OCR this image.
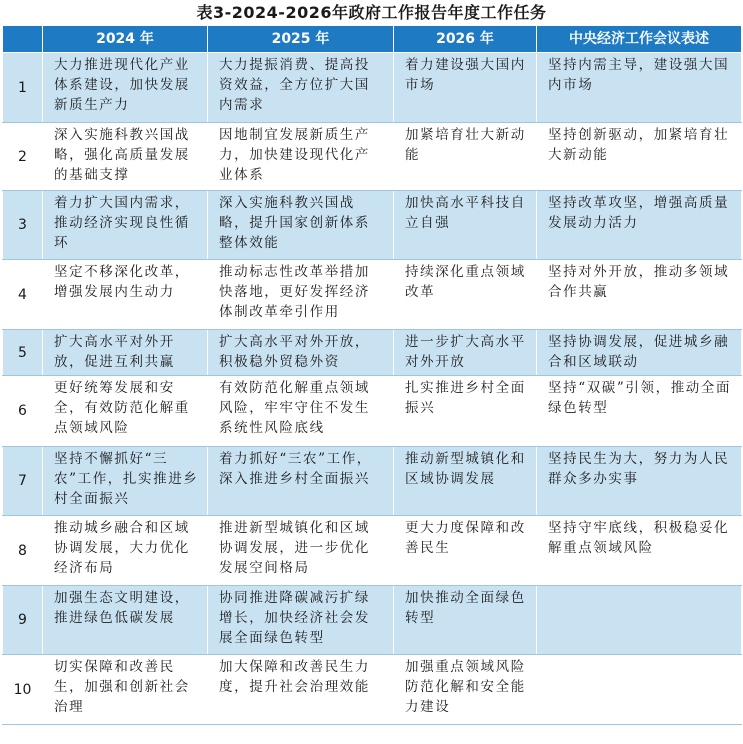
表3-2024-2026年政府工作报告年度工作任务
	2024 年	2025 年	2026 年	中央经济工作会议表述
1	大力推进现代化产业体系建设，加快发展新质生产力	大力提振消费、提高投资效益，全方位扩大国内需求	着力建设强大国内市场	坚持内需主导，建设强大国内市场
2	深入实施科教兴国战略，强化高质量发展的基础支撑	因地制宜发展新质生产力，加快建设现代化产业体系	加紧培育壮大新动能	坚持创新驱动，加紧培育壮大新动能
3	着力扩大国内需求，推动经济实现良性循环	深入实施科教兴国战略，提升国家创新体系整体效能	加快高水平科技自立自强	坚持改革攻坚，增强高质量发展动力活力
4	坚定不移深化改革，增强发展内生动力	推动标志性改革举措加快落地，更好发挥经济体制改革牵引作用	持续深化重点领域改革	坚持对外开放，推动多领域合作共赢
5	扩大高水平对外开放，促进互利共赢	扩大高水平对外开放，积极稳外贸稳外资	进一步扩大高水平对外开放	坚持协调发展，促进城乡融合和区域联动
6	更好统筹发展和安全，有效防范化解重点领域风险	有效防范化解重点领域风险，牢牢守住不发生系统性风险底线	扎实推进乡村全面振兴	坚持“双碳”引领，推动全面绿色转型
7	坚持不懈抓好“三农”工作，扎实推进乡村全面振兴	着力抓好“三农”工作，深入推进乡村全面振兴	推动新型城镇化和区域协调发展	坚持民生为大，努力为人民群众多办实事
8	推动城乡融合和区域协调发展，大力优化经济布局	推进新型城镇化和区域协调发展，进一步优化发展空间格局	更大力度保障和改善民生	坚持守牢底线，积极稳妥化解重点领域风险
9	加强生态文明建设，推进绿色低碳发展	协同推进降碳减污扩绿增长，加快经济社会发展全面绿色转型	加快推动全面绿色转型	
10	切实保障和改善民生，加强和创新社会治理	加大保障和改善民生力度，提升社会治理效能	加强重点领域风险防范化解和安全能力建设	
